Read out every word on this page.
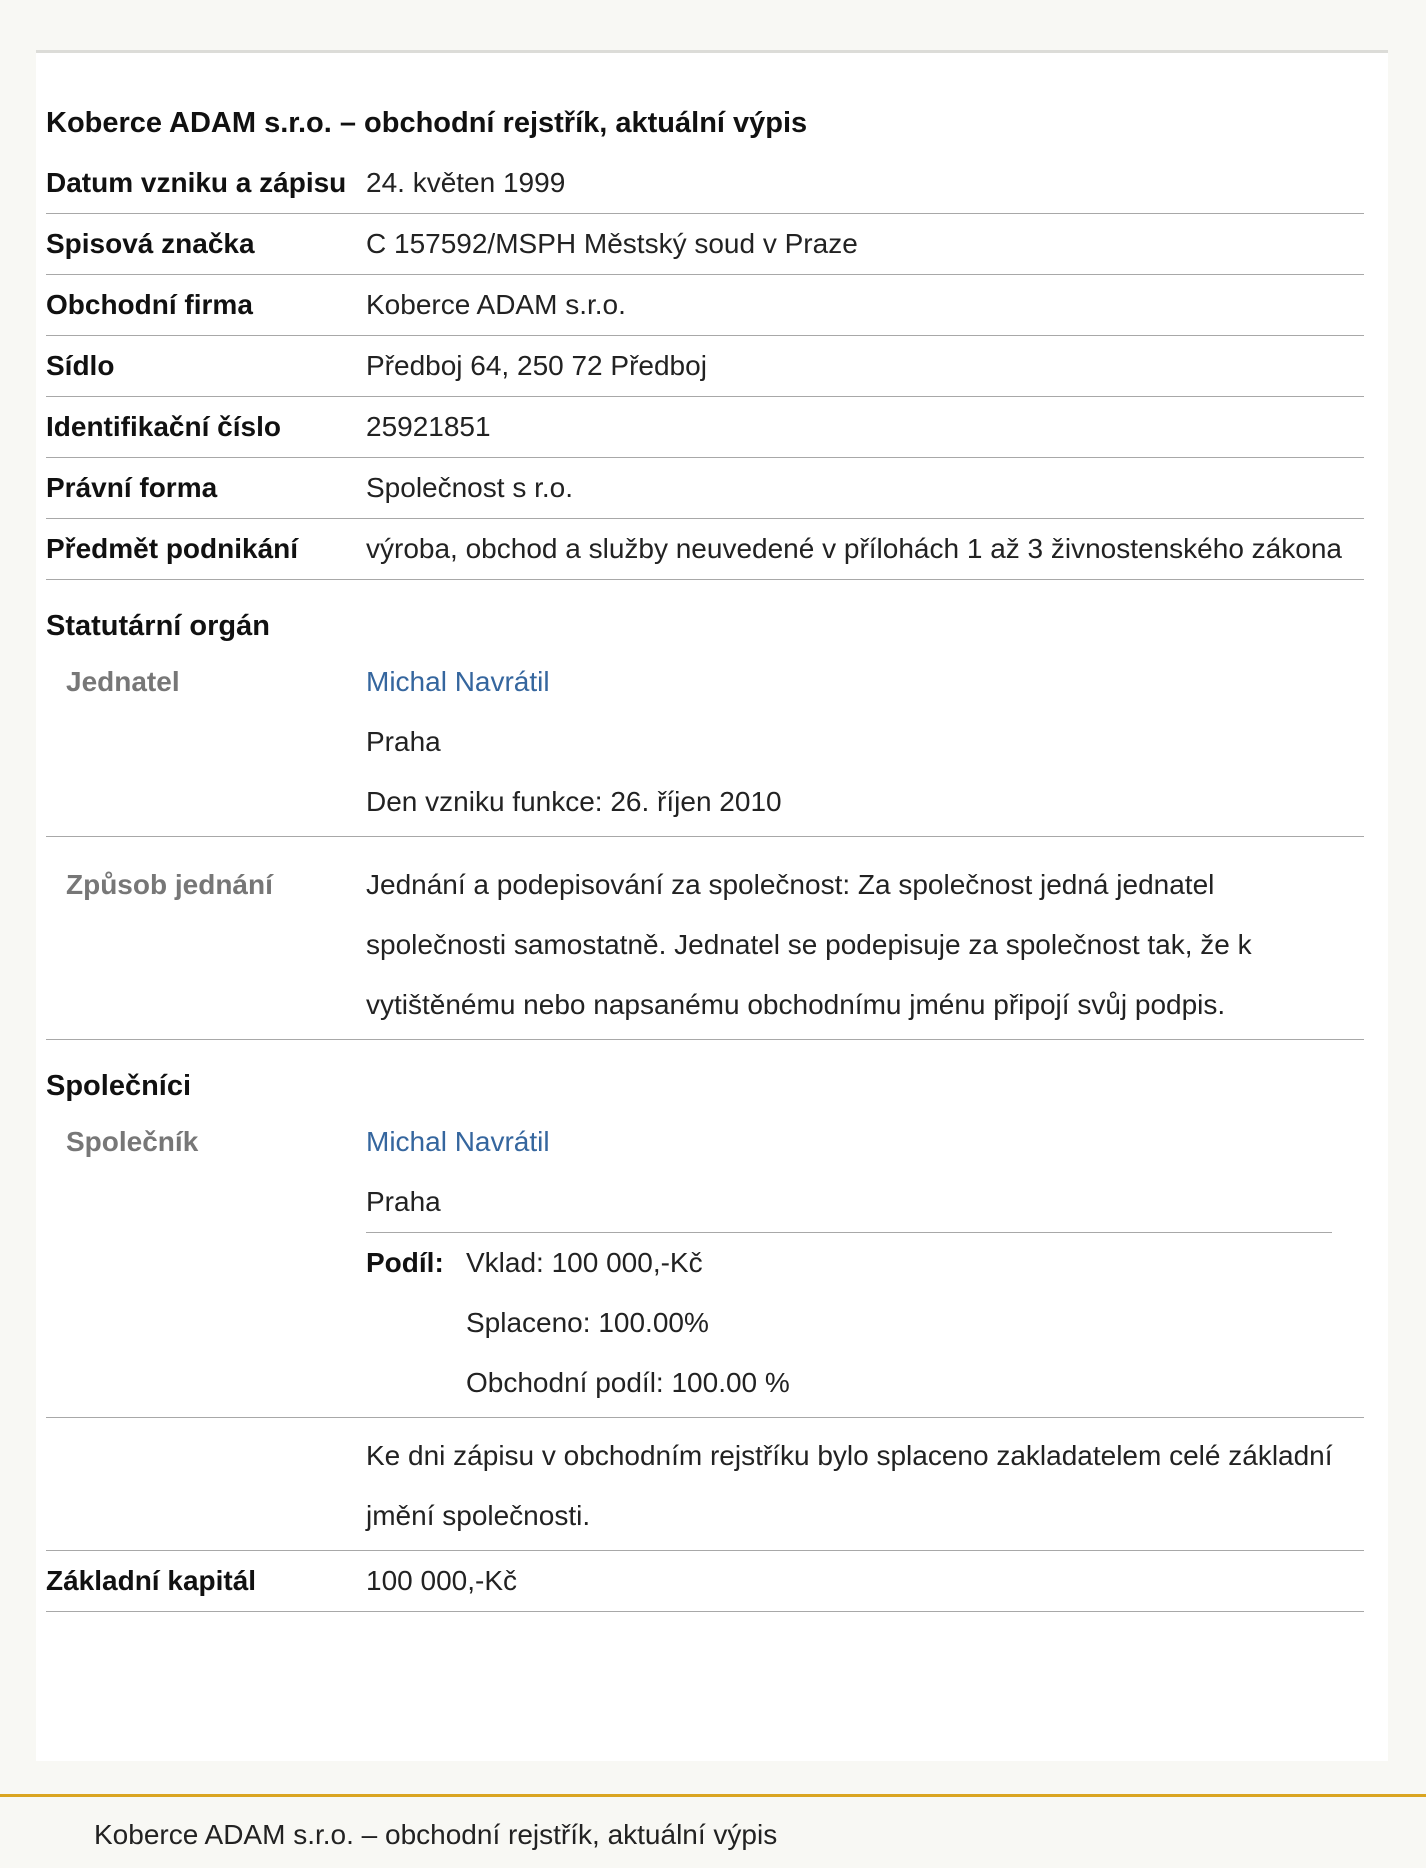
Koberce ADAM s.r.o. – obchodní rejstřík, aktuální výpis
Datum vzniku a zápisu 24. květen 1999
Spisová značka	C 157592/MSPH Městský soud v Praze
Obchodní firma	Koberce ADAM s.r.o.
Sídlo	Předboj 64, 250 72 Předboj
Identifikační číslo	25921851
Právní forma	Společnost s r.o.
Předmět podnikání	výroba, obchod a služby neuvedené v přílohách 1 až 3 živnostenského zákona
Statutární orgán
Jednatel	Michal Navrátil
Praha
Den vzniku funkce: 26. říjen 2010
Způsob jednání	Jednání a podepisování za společnost: Za společnost jedná jednatel společnosti samostatně. Jednatel se podepisuje za společnost tak, že k vytištěnému nebo napsanému obchodnímu jménu připojí svůj podpis.
Společníci
Společník	Michal Navrátil
Praha
Podíl: Vklad: 100 000,-Kč
Splaceno: 100.00%
Obchodní podíl: 100.00 %
Ke dni zápisu v obchodním rejstříku bylo splaceno zakladatelem celé základní jmění společnosti.
Základní kapitál	100 000,-Kč
Koberce ADAM s.r.o. – obchodní rejstřík, aktuální výpis
